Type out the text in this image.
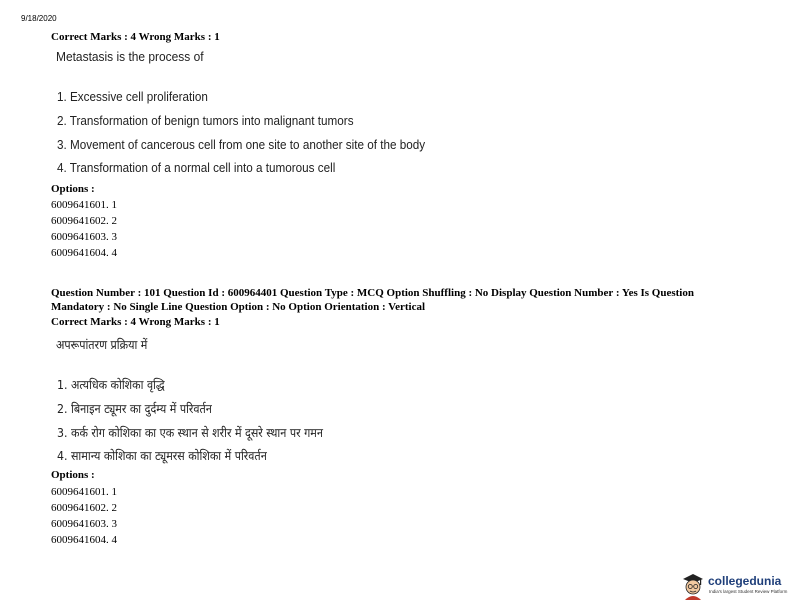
9/18/2020
Correct Marks : 4 Wrong Marks : 1
Metastasis is the process of
1. Excessive cell proliferation
2. Transformation of benign tumors into malignant tumors
3. Movement of cancerous cell from one site to another site of the body
4. Transformation of a normal cell into a tumorous cell
Options :
6009641601. 1
6009641602. 2
6009641603. 3
6009641604. 4
Question Number : 101 Question Id : 600964401 Question Type : MCQ Option Shuffling : No Display Question Number : Yes Is Question Mandatory : No Single Line Question Option : No Option Orientation : Vertical
Correct Marks : 4 Wrong Marks : 1
अपरूपांतरण प्रक्रिया में
1. अत्यधिक कोशिका वृद्धि
2. बिनाइन ट्यूमर का दुर्दम्य में परिवर्तन
3. कर्क रोग कोशिका का एक स्थान से शरीर में दूसरे स्थान पर गमन
4. सामान्य कोशिका का ट्यूमरस कोशिका में परिवर्तन
Options :
6009641601. 1
6009641602. 2
6009641603. 3
6009641604. 4
collegedunia
India's largest Student Review Platform
